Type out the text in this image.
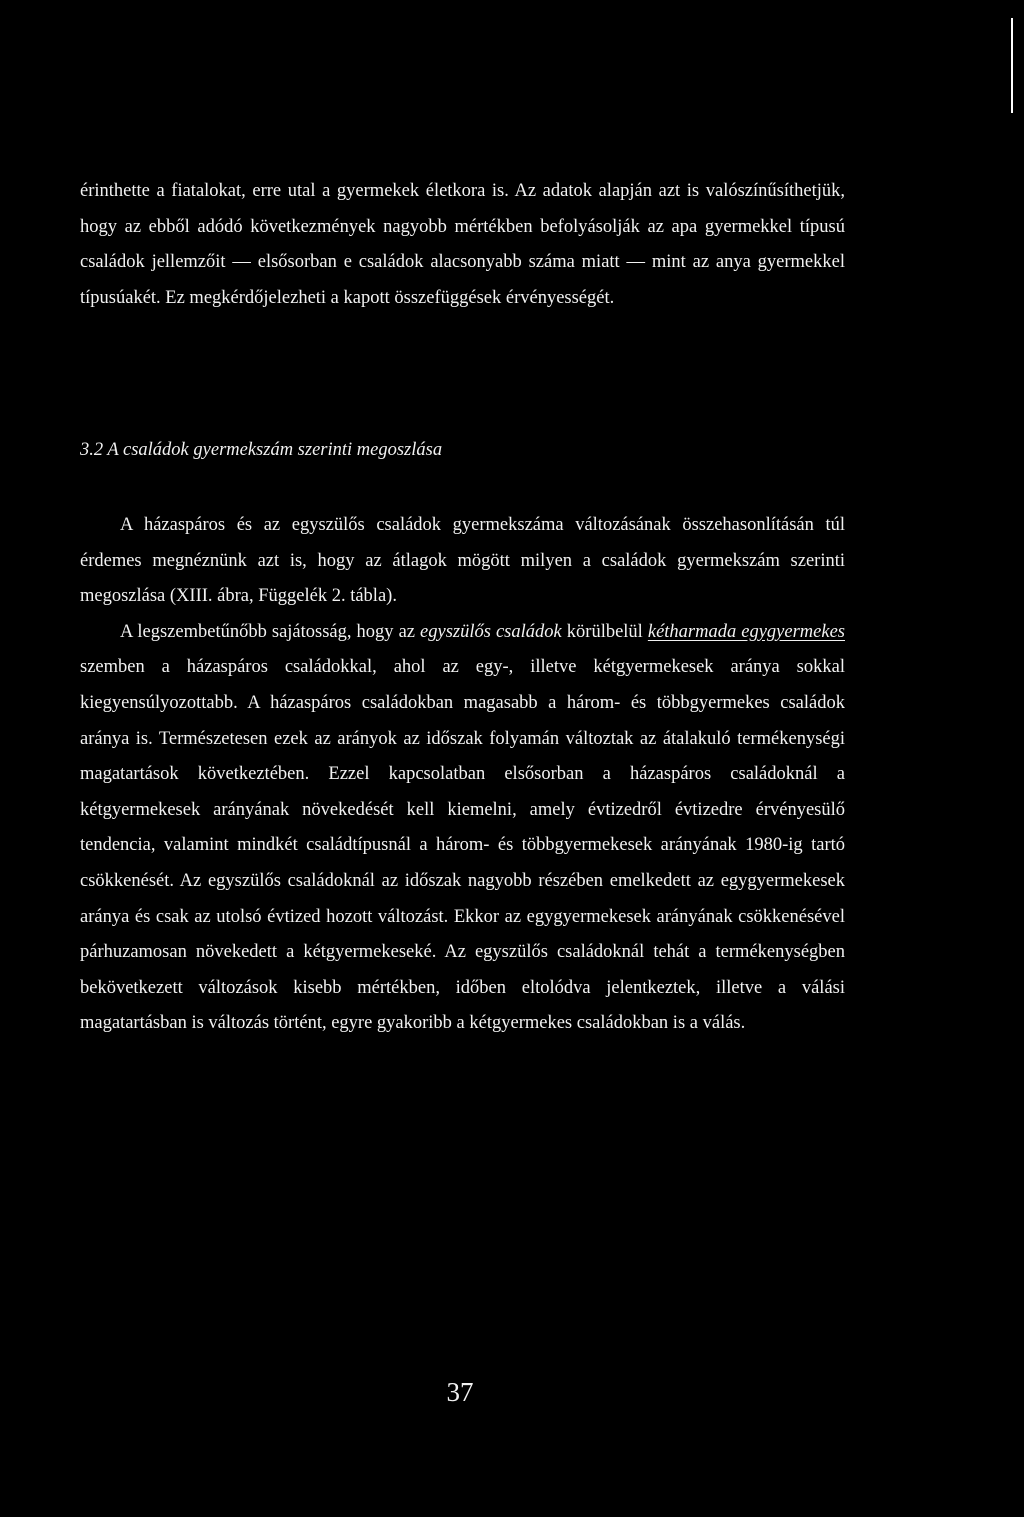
érinthette a fiatalokat, erre utal a gyermekek életkora is. Az adatok alapján azt is valószínűsíthetjük, hogy az ebből adódó következmények nagyobb mértékben befolyásolják az apa gyermekkel típusú családok jellemzőit — elsősorban e családok alacsonyabb száma miatt — mint az anya gyermekkel típusúakét. Ez megkérdőjelezheti a kapott összefüggések érvényességét.

3.2 A családok gyermekszám szerinti megoszlása

A házaspáros és az egyszülős családok gyermekszáma változásának összehasonlításán túl érdemes megnéznünk azt is, hogy az átlagok mögött milyen a családok gyermekszám szerinti megoszlása (XIII. ábra, Függelék 2. tábla).

A legszembetűnőbb sajátosság, hogy az egyszülős családok körülbelül kétharmada egygyermekes szemben a házaspáros családokkal, ahol az egy-, illetve kétgyermekesek aránya sokkal kiegyensúlyozottabb. A házaspáros családokban magasabb a három- és többgyermekes családok aránya is. Természetesen ezek az arányok az időszak folyamán változtak az átalakuló termékenységi magatartások következtében. Ezzel kapcsolatban elsősorban a házaspáros családoknál a kétgyermekesek arányának növekedését kell kiemelni, amely évtizedről évtizedre érvényesülő tendencia, valamint mindkét családtípusnál a három- és többgyermekesek arányának 1980-ig tartó csökkenését. Az egyszülős családoknál az időszak nagyobb részében emelkedett az egygyermekesek aránya és csak az utolsó évtized hozott változást. Ekkor az egygyermekesek arányának csökkenésével párhuzamosan növekedett a kétgyermekeseké. Az egyszülős családoknál tehát a termékenységben bekövetkezett változások kisebb mértékben, időben eltolódva jelentkeztek, illetve a válási magatartásban is változás történt, egyre gyakoribb a kétgyermekes családokban is a válás.

37
